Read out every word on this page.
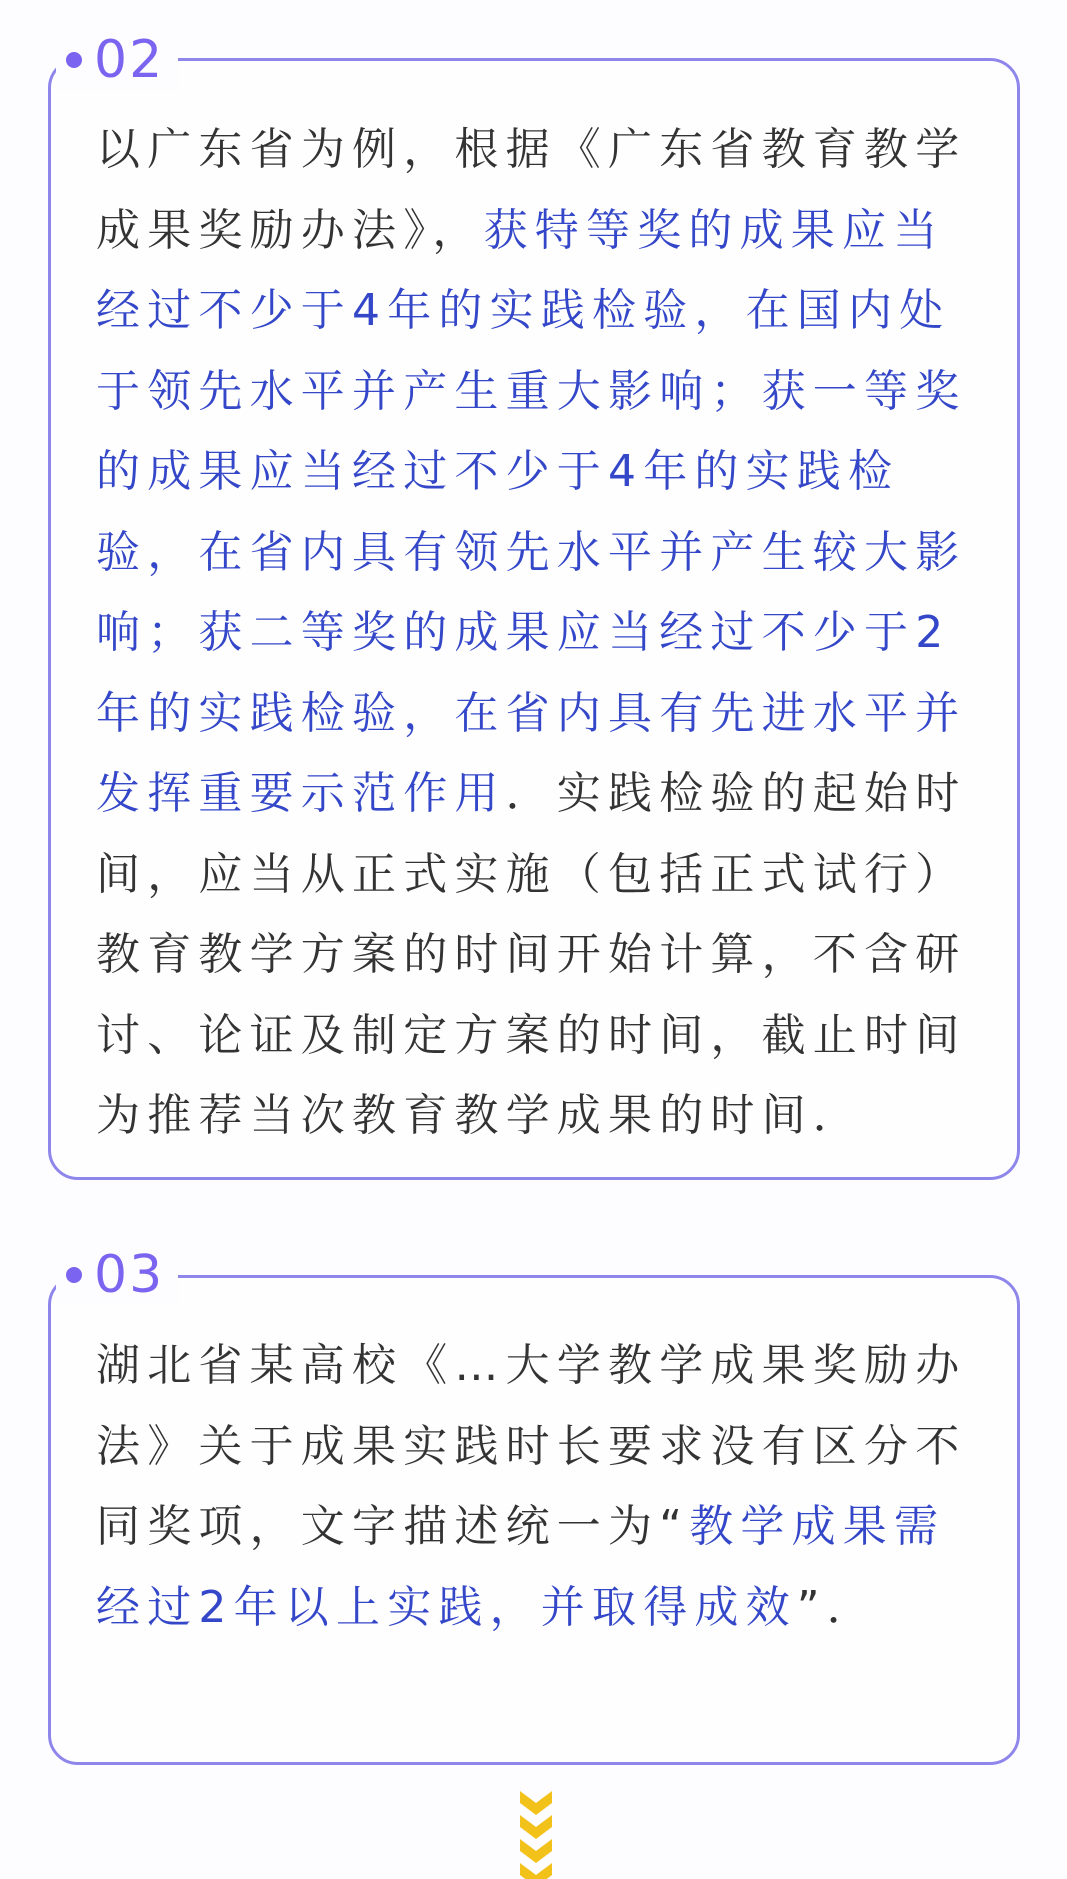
02

以广东省为例，根据《广东省教育教学成果奖励办法》，获特等奖的成果应当经过不少于4年的实践检验，在国内处于领先水平并产生重大影响；获一等奖的成果应当经过不少于4年的实践检验，在省内具有领先水平并产生较大影响；获二等奖的成果应当经过不少于2年的实践检验，在省内具有先进水平并发挥重要示范作用．实践检验的起始时间，应当从正式实施（包括正式试行）教育教学方案的时间开始计算，不含研讨、论证及制定方案的时间，截止时间为推荐当次教育教学成果的时间．

03

湖北省某高校《…大学教学成果奖励办法》关于成果实践时长要求没有区分不同奖项，文字描述统一为“教学成果需经过2年以上实践，并取得成效”．
